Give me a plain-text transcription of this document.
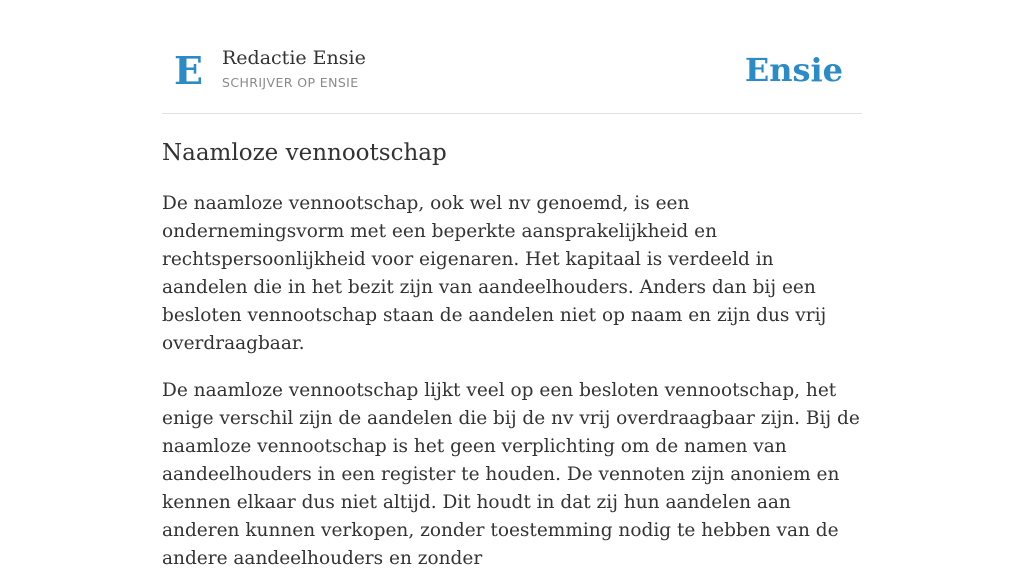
E Redactie Ensie
SCHRIJVER OP ENSIE	Ensie
Naamloze vennootschap

De naamloze vennootschap, ook wel nv genoemd, is een ondernemingsvorm met een beperkte aansprakelijkheid en rechtspersoonlijkheid voor eigenaren. Het kapitaal is verdeeld in aandelen die in het bezit zijn van aandeelhouders. Anders dan bij een besloten vennootschap staan de aandelen niet op naam en zijn dus vrij overdraagbaar.

De naamloze vennootschap lijkt veel op een besloten vennootschap, het enige verschil zijn de aandelen die bij de nv vrij overdraagbaar zijn. Bij de naamloze vennootschap is het geen verplichting om de namen van aandeelhouders in een register te houden. De vennoten zijn anoniem en kennen elkaar dus niet altijd. Dit houdt in dat zij hun aandelen aan anderen kunnen verkopen, zonder toestemming nodig te hebben van de andere aandeelhouders en zonder
